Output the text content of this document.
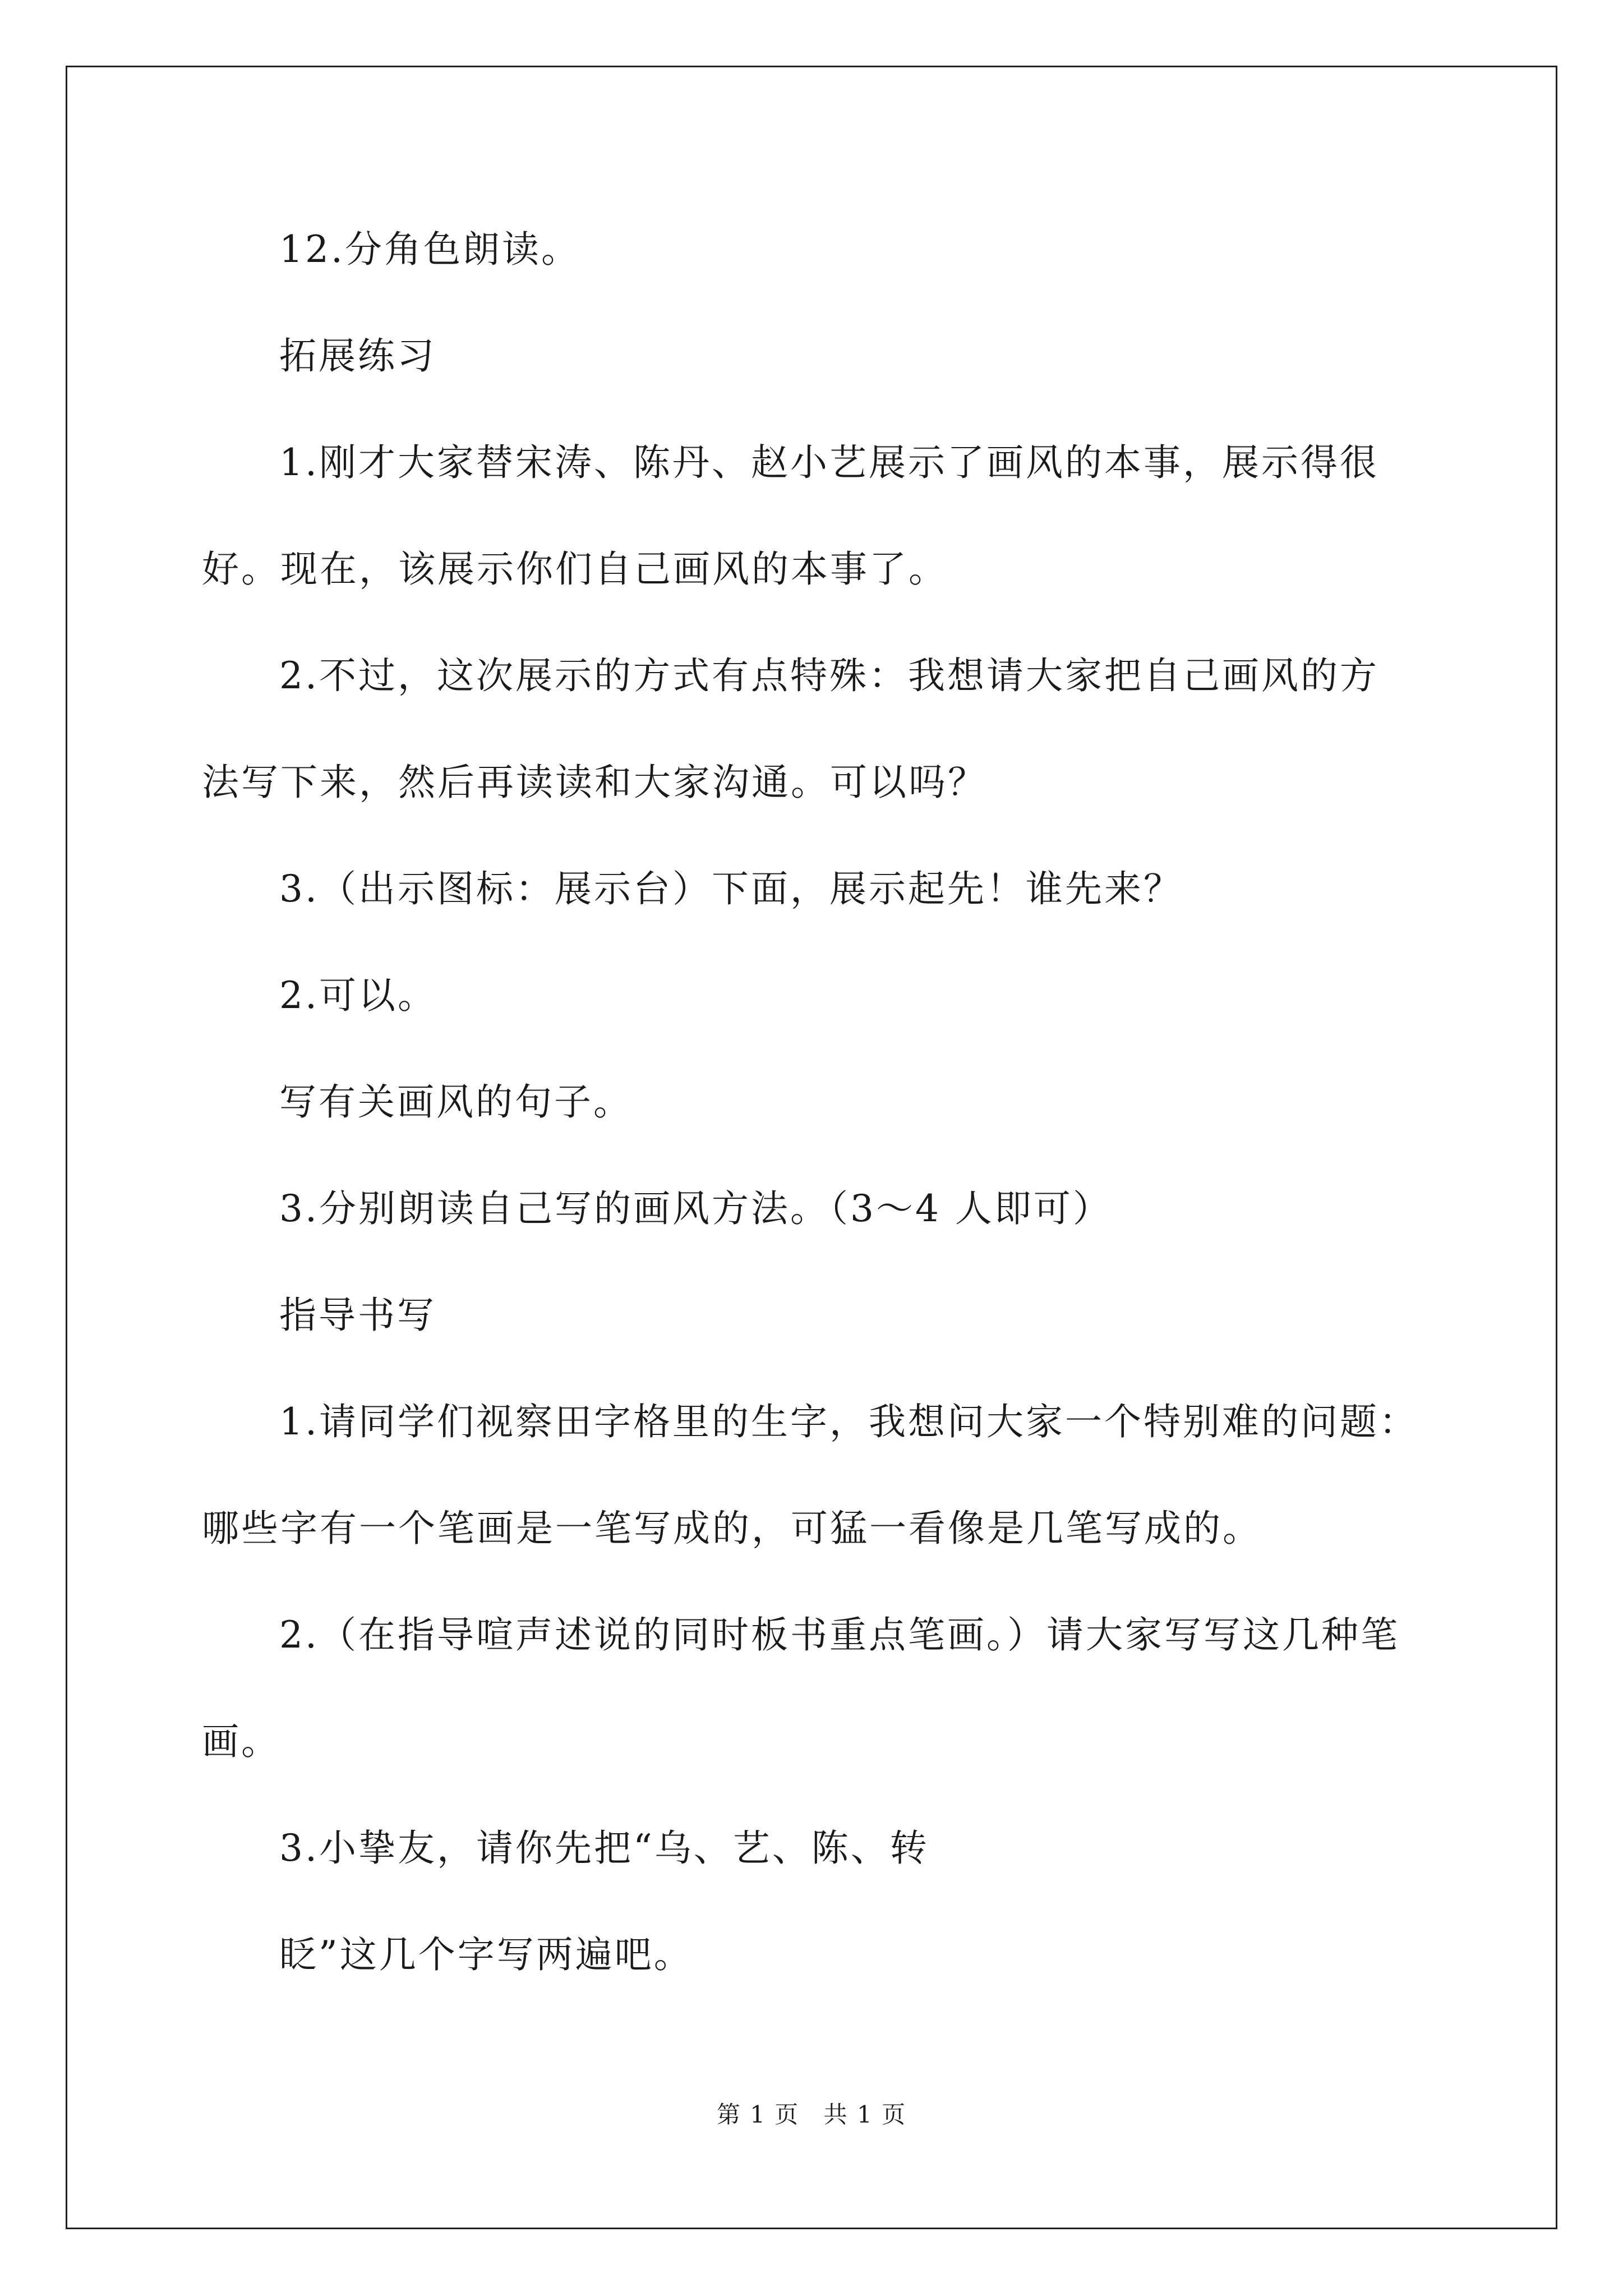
12.分角色朗读。
拓展练习
1.刚才大家替宋涛、陈丹、赵小艺展示了画风的本事，展示得很
好。现在，该展示你们自己画风的本事了。
2.不过，这次展示的方式有点特殊：我想请大家把自己画风的方
法写下来，然后再读读和大家沟通。可以吗？
3.（出示图标：展示台）下面，展示起先！谁先来？
2.可以。
写有关画风的句子。
3.分别朗读自己写的画风方法。（3～4 人即可）
指导书写
1.请同学们视察田字格里的生字，我想问大家一个特别难的问题：
哪些字有一个笔画是一笔写成的，可猛一看像是几笔写成的。
2.（在指导喧声述说的同时板书重点笔画。）请大家写写这几种笔
画。
3.小挚友，请你先把“乌、艺、陈、转
眨”这几个字写两遍吧。
第 1 页 共 1 页
